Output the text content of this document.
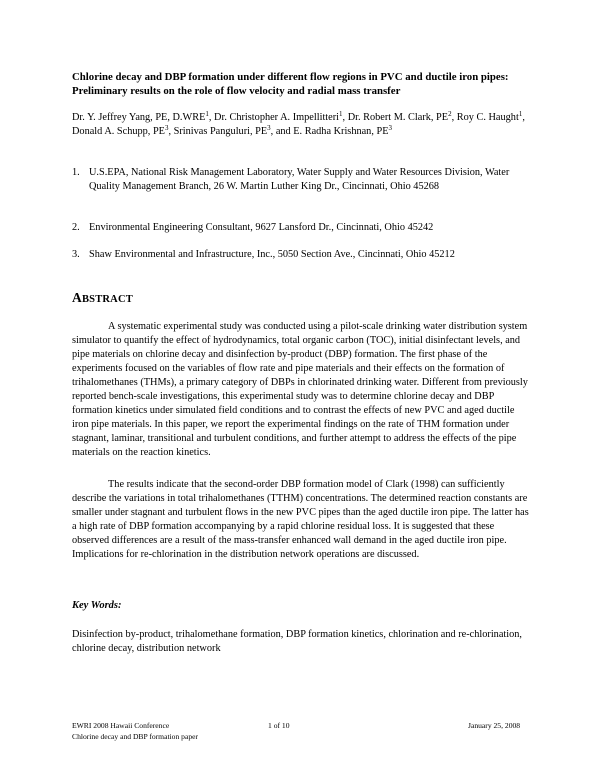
Chlorine decay and DBP formation under different flow regions in PVC and ductile iron pipes: Preliminary results on the role of flow velocity and radial mass transfer
Dr. Y. Jeffrey Yang, PE, D.WRE$^1$, Dr. Christopher A. Impellitteri$^1$, Dr. Robert M. Clark, $PE^2$, Roy C. Haught$^1$, Donald A. Schupp, $PE^3$, Srinivas Panguluri, $PE^3$, and E. Radha Krishnan, $PE^3$
1. U.S.EPA, National Risk Management Laboratory, Water Supply and Water Resources Division, Water Quality Management Branch, 26 W. Martin Luther King Dr., Cincinnati, Ohio 45268
2. Environmental Engineering Consultant, 9627 Lansford Dr., Cincinnati, Ohio 45242
3. Shaw Environmental and Infrastructure, Inc., 5050 Section Ave., Cincinnati, Ohio 45212
ABSTRACT

A systematic experimental study was conducted using a pilot-scale drinking water distribution system simulator to quantify the effect of hydrodynamics, total organic carbon (TOC), initial disinfectant levels, and pipe materials on chlorine decay and disinfection by-product (DBP) formation. The first phase of the experiments focused on the variables of flow rate and pipe materials and their effects on the formation of trihalomethanes (THMs), a primary category of DBPs in chlorinated drinking water. Different from previously reported bench-scale investigations, this experimental study was to determine chlorine decay and DBP formation kinetics under simulated field conditions and to contrast the effects of new PVC and aged ductile iron pipe materials. In this paper, we report the experimental findings on the rate of THM formation under stagnant, laminar, transitional and turbulent conditions, and further attempt to address the effects of the pipe materials on the reaction kinetics.

The results indicate that the second-order DBP formation model of Clark (1998) can sufficiently describe the variations in total trihalomethanes (TTHM) concentrations. The determined reaction constants are smaller under stagnant and turbulent flows in the new PVC pipes than the aged ductile iron pipe. The latter has a high rate of DBP formation accompanying by a rapid chlorine residual loss. It is suggested that these observed differences are a result of the mass-transfer enhanced wall demand in the aged ductile iron pipe. Implications for re-chlorination in the distribution network operations are discussed.

Key Words:
Disinfection by-product, trihalomethane formation, DBP formation kinetics, chlorination and re-chlorination, chlorine decay, distribution network
EWRI 2008 Hawaii Conference
Chlorine decay and DBP formation paper
1 of 10	January 25, 2008
